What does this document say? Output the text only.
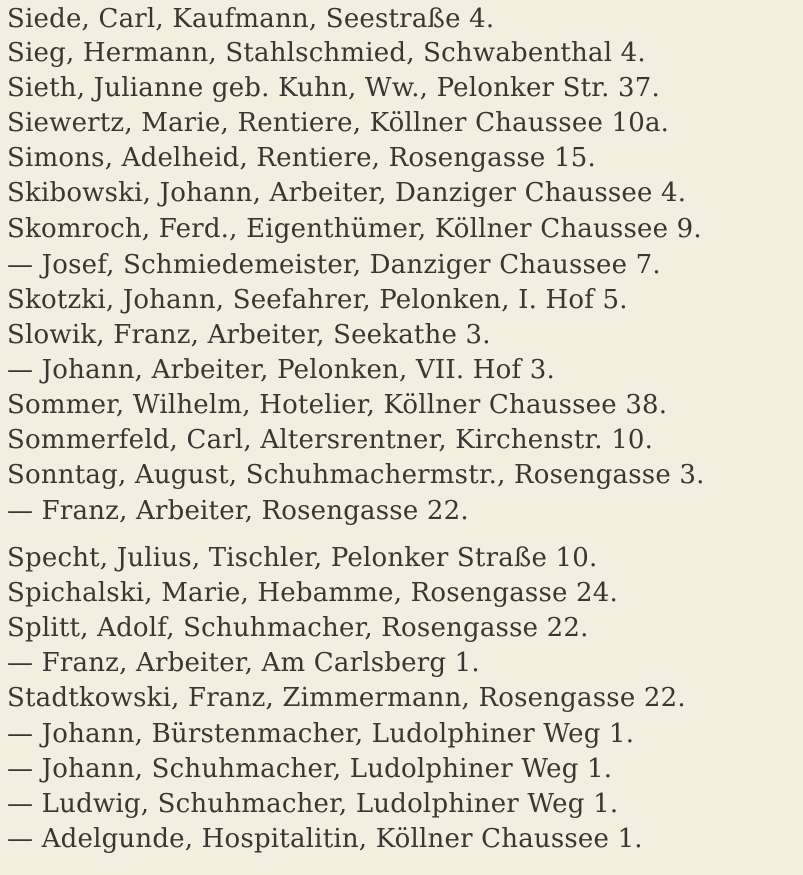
Siede, Carl, Kaufmann, Seestraße 4.
Sieg, Hermann, Stahlschmied, Schwabenthal 4.
Sieth, Julianne geb. Kuhn, Ww., Pelonker Str. 37.
Siewertz, Marie, Rentiere, Köllner Chaussee 10a.
Simons, Adelheid, Rentiere, Rosengasse 15.
Skibowski, Johann, Arbeiter, Danziger Chaussee 4.
Skomroch, Ferd., Eigenthümer, Köllner Chaussee 9.
— Josef, Schmiedemeister, Danziger Chaussee 7.
Skotzki, Johann, Seefahrer, Pelonken, I. Hof 5.
Slowik, Franz, Arbeiter, Seekathe 3.
— Johann, Arbeiter, Pelonken, VII. Hof 3.
Sommer, Wilhelm, Hotelier, Köllner Chaussee 38.
Sommerfeld, Carl, Altersrentner, Kirchenstr. 10.
Sonntag, August, Schuhmachermstr., Rosengasse 3.
— Franz, Arbeiter, Rosengasse 22.
Specht, Julius, Tischler, Pelonker Straße 10.
Spichalski, Marie, Hebamme, Rosengasse 24.
Splitt, Adolf, Schuhmacher, Rosengasse 22.
— Franz, Arbeiter, Am Carlsberg 1.
Stadtkowski, Franz, Zimmermann, Rosengasse 22.
— Johann, Bürstenmacher, Ludolphiner Weg 1.
— Johann, Schuhmacher, Ludolphiner Weg 1.
— Ludwig, Schuhmacher, Ludolphiner Weg 1.
— Adelgunde, Hospitalitin, Köllner Chaussee 1.
